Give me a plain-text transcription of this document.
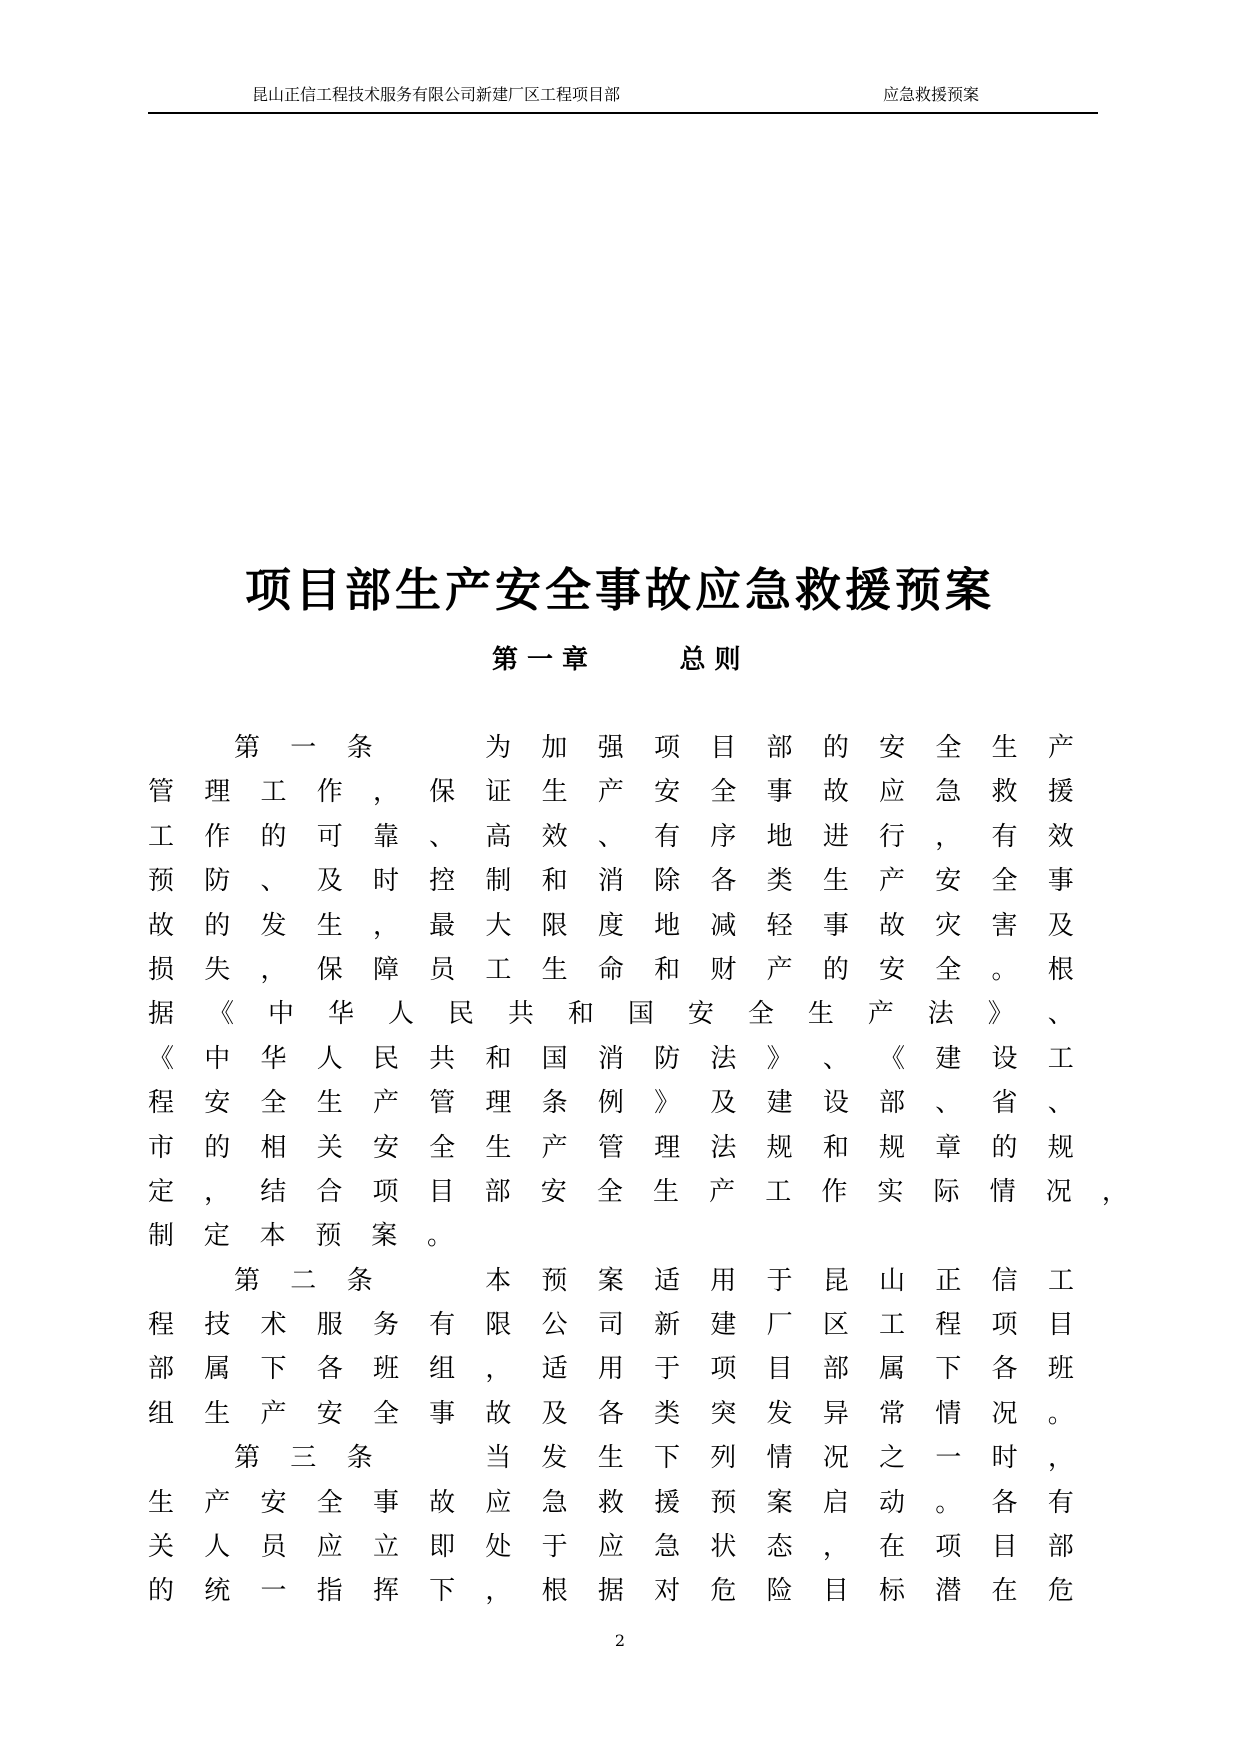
昆山正信工程技术服务有限公司新建厂区工程项目部	应急救援预案
项目部生产安全事故应急救援预案
第 一 章	总 则
第 一 条
　　	为 加 强 项 目 部 的 安 全 生 产
管 理 工 作 ， 保 证 生 产 安 全 事 故 应 急 救 援
工 作 的 可 靠 、 高 效 、 有 序 地 进 行 ， 有 效
预 防 、 及 时 控 制 和 消 除 各 类 生 产 安 全 事
故 的 发 生 ， 最 大 限 度 地 减 轻 事 故 灾 害 及
损 失 ， 保 障 员 工 生 命 和 财 产 的 安 全 。 根
据 《 中 华 人 民 共 和 国 安 全 生 产 法 》 、
《 中 华 人 民 共 和 国 消 防 法 》 、 《 建 设 工
程 安 全 生 产 管 理 条 例 》 及 建 设 部 、 省 、
市 的 相 关 安 全 生 产 管 理 法 规 和 规 章 的 规
定 ， 结 合 项 目 部 安 全 生 产 工 作 实 际 情 况 ，
制	定	本	预	案	。
第 二 条
　　	本 预 案 适 用 于 昆 山 正 信 工
程 技 术 服 务 有 限 公 司 新 建 厂 区 工 程 项 目
部 属 下 各 班 组 ， 适 用 于 项 目 部 属 下 各 班
组 生 产 安 全 事 故 及 各 类 突 发 异 常 情 况 。
第 三 条
　　	当 发 生 下 列 情 况 之 一 时 ，
生 产 安 全 事 故 应 急 救 援 预 案 启 动 。 各 有
关 人 员 应 立 即 处 于 应 急 状 态 ， 在 项 目 部
的 统 一 指 挥 下 ， 根 据 对 危 险 目 标 潜 在 危
2
